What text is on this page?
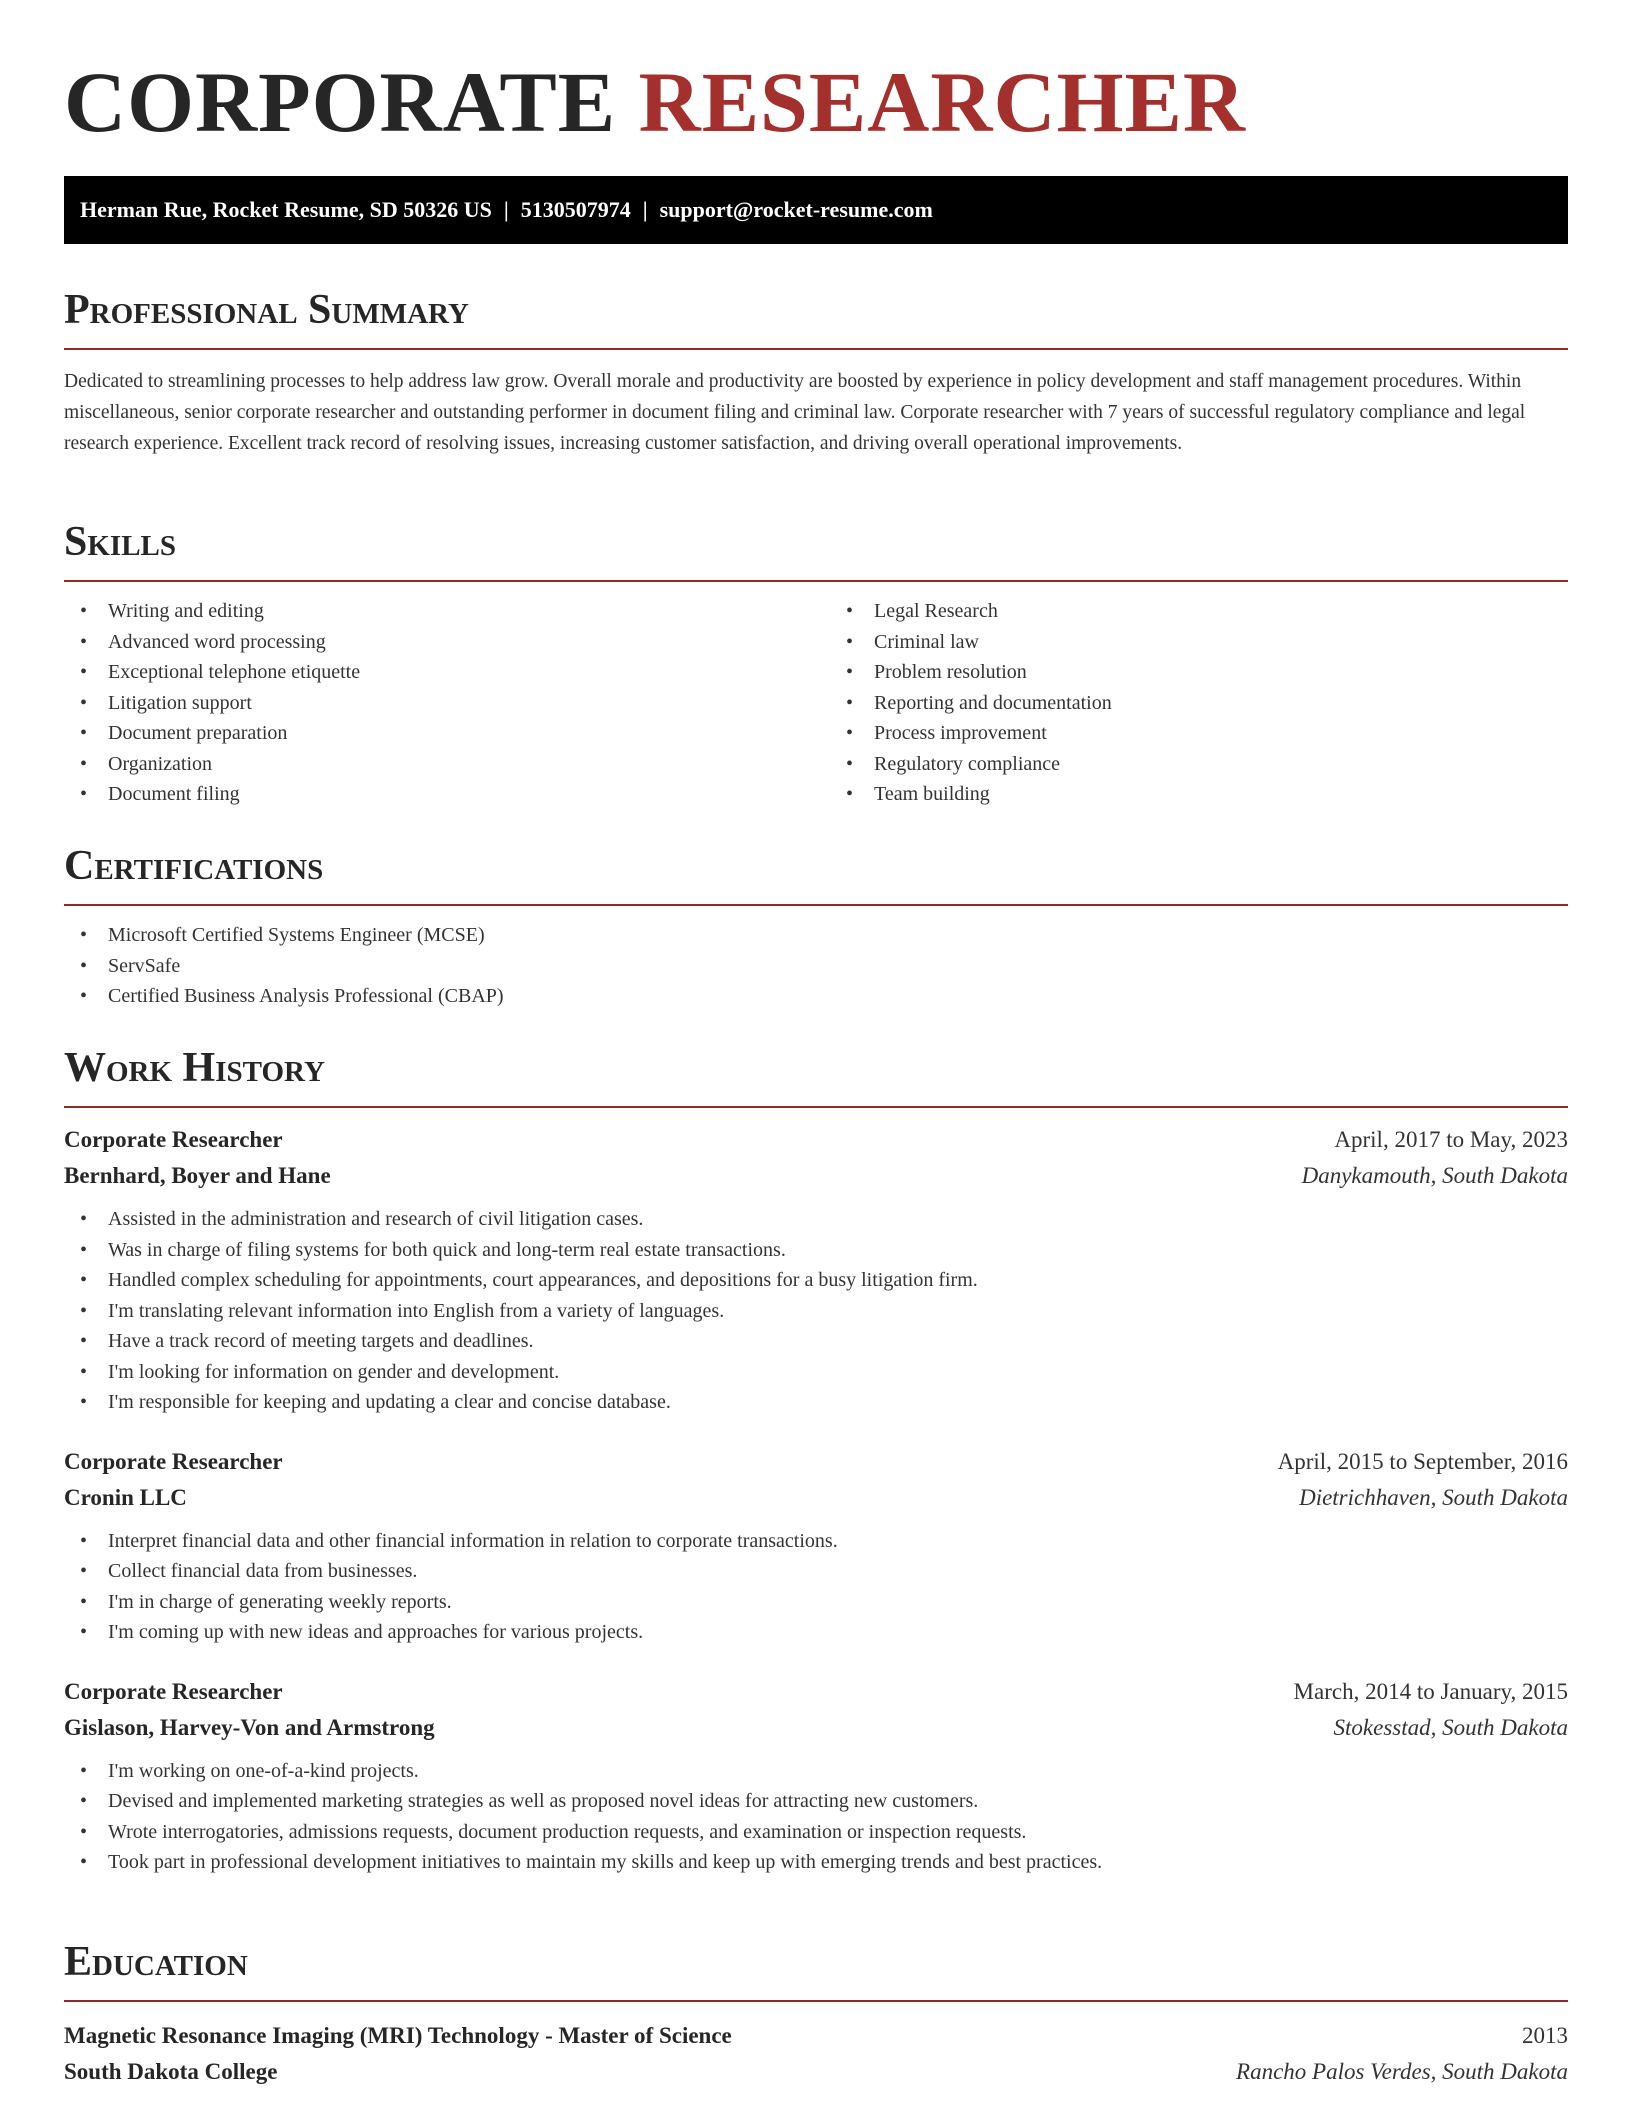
CORPORATE RESEARCHER
Herman Rue, Rocket Resume, SD 50326 US | 5130507974 | support@rocket-resume.com
Professional Summary

Dedicated to streamlining processes to help address law grow. Overall morale and productivity are boosted by experience in policy development and staff management procedures. Within miscellaneous, senior corporate researcher and outstanding performer in document filing and criminal law. Corporate researcher with 7 years of successful regulatory compliance and legal research experience. Excellent track record of resolving issues, increasing customer satisfaction, and driving overall operational improvements.

Skills
• Writing and editing
• Advanced word processing
• Exceptional telephone etiquette
• Litigation support
• Document preparation
• Organization
• Document filing
• Legal Research
• Criminal law
• Problem resolution
• Reporting and documentation
• Process improvement
• Regulatory compliance
• Team building
Certifications
• Microsoft Certified Systems Engineer (MCSE)
• ServSafe
• Certified Business Analysis Professional (CBAP)
Work History
Corporate Researcher	April, 2017 to May, 2023
Bernhard, Boyer and Hane	Danykamouth, South Dakota
• Assisted in the administration and research of civil litigation cases.
• Was in charge of filing systems for both quick and long-term real estate transactions.
• Handled complex scheduling for appointments, court appearances, and depositions for a busy litigation firm.
• I'm translating relevant information into English from a variety of languages.
• Have a track record of meeting targets and deadlines.
• I'm looking for information on gender and development.
• I'm responsible for keeping and updating a clear and concise database.
Corporate Researcher	April, 2015 to September, 2016
Cronin LLC	Dietrichhaven, South Dakota
• Interpret financial data and other financial information in relation to corporate transactions.
• Collect financial data from businesses.
• I'm in charge of generating weekly reports.
• I'm coming up with new ideas and approaches for various projects.
Corporate Researcher	March, 2014 to January, 2015
Gislason, Harvey-Von and Armstrong	Stokesstad, South Dakota
• I'm working on one-of-a-kind projects.
• Devised and implemented marketing strategies as well as proposed novel ideas for attracting new customers.
• Wrote interrogatories, admissions requests, document production requests, and examination or inspection requests.
• Took part in professional development initiatives to maintain my skills and keep up with emerging trends and best practices.
Education
Magnetic Resonance Imaging (MRI) Technology - Master of Science	2013
South Dakota College	Rancho Palos Verdes, South Dakota
